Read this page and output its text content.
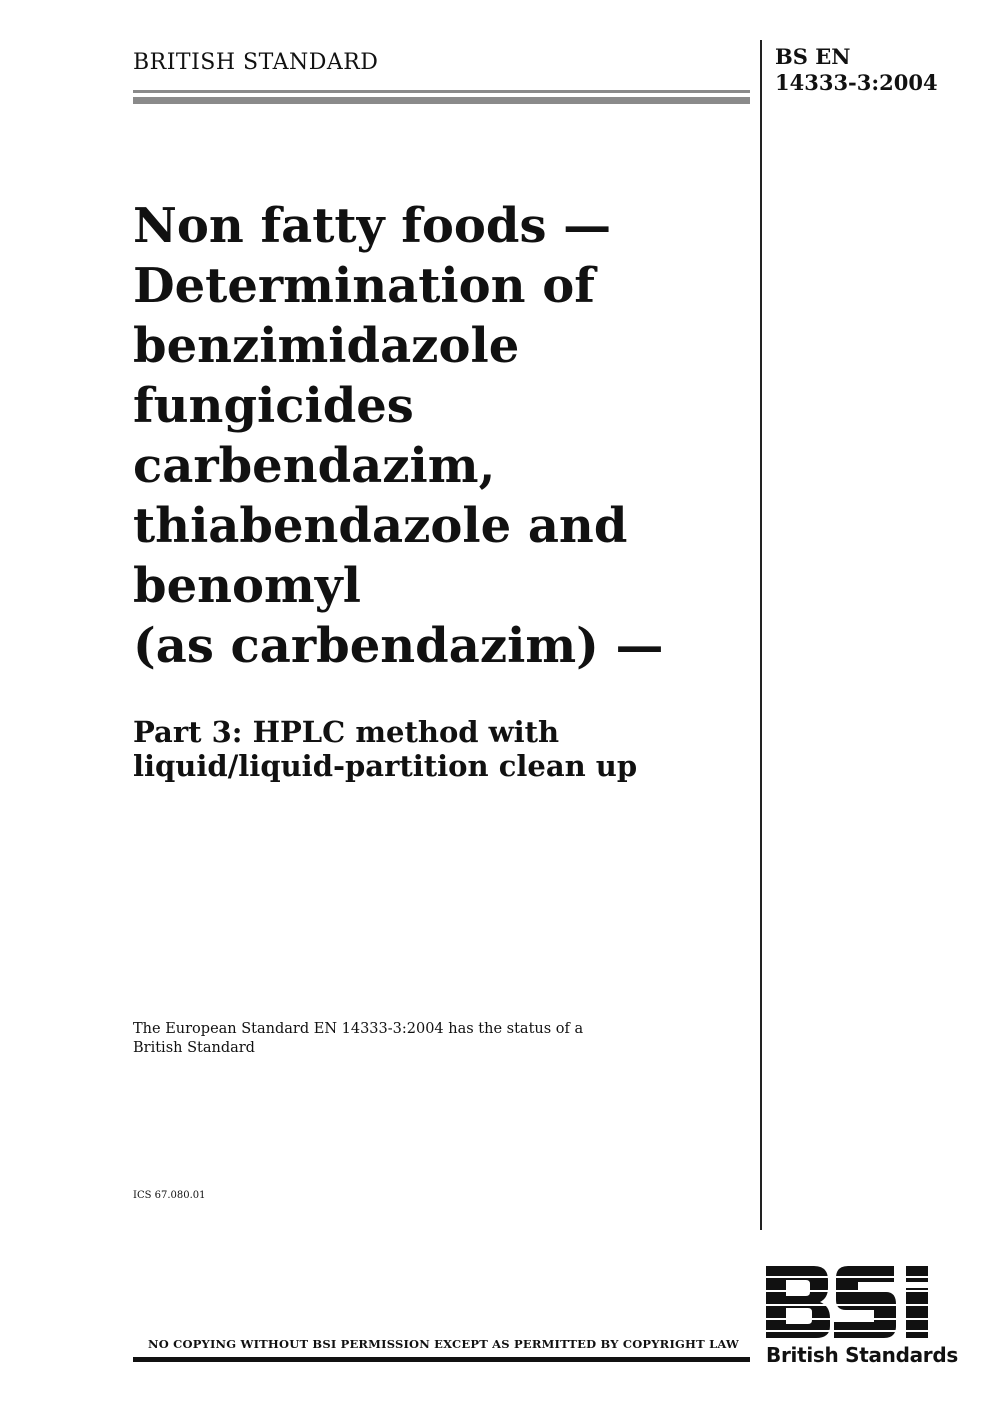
BRITISH STANDARD	BS EN
14333-3:2004
Non fatty foods —
Determination of
benzimidazole
fungicides
carbendazim,
thiabendazole and
benomyl
(as carbendazim) —
Part 3: HPLC method with
liquid/liquid-partition clean up
The European Standard EN 14333-3:2004 has the status of a British Standard
ICS 67.080.01
NO COPYING WITHOUT BSI PERMISSION EXCEPT AS PERMITTED BY COPYRIGHT LAW	British Standards
